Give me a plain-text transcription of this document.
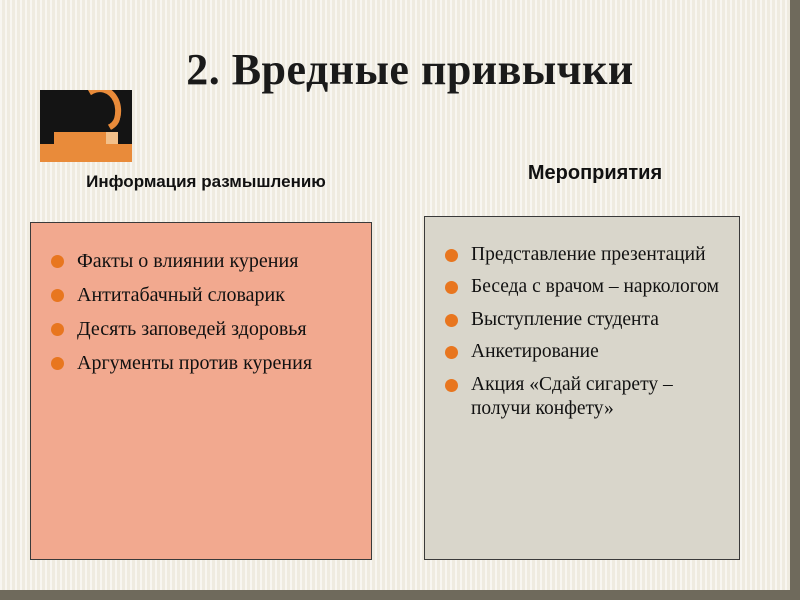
2. Вредные привычки
Информация размышлению	Мероприятия
Факты о влиянии курения
Антитабачный словарик
Десять заповедей здоровья
Аргументы против курения
Представление презентаций
Беседа с врачом – наркологом
Выступление студента
Анкетирование
Акция «Сдай сигарету – получи конфету»
